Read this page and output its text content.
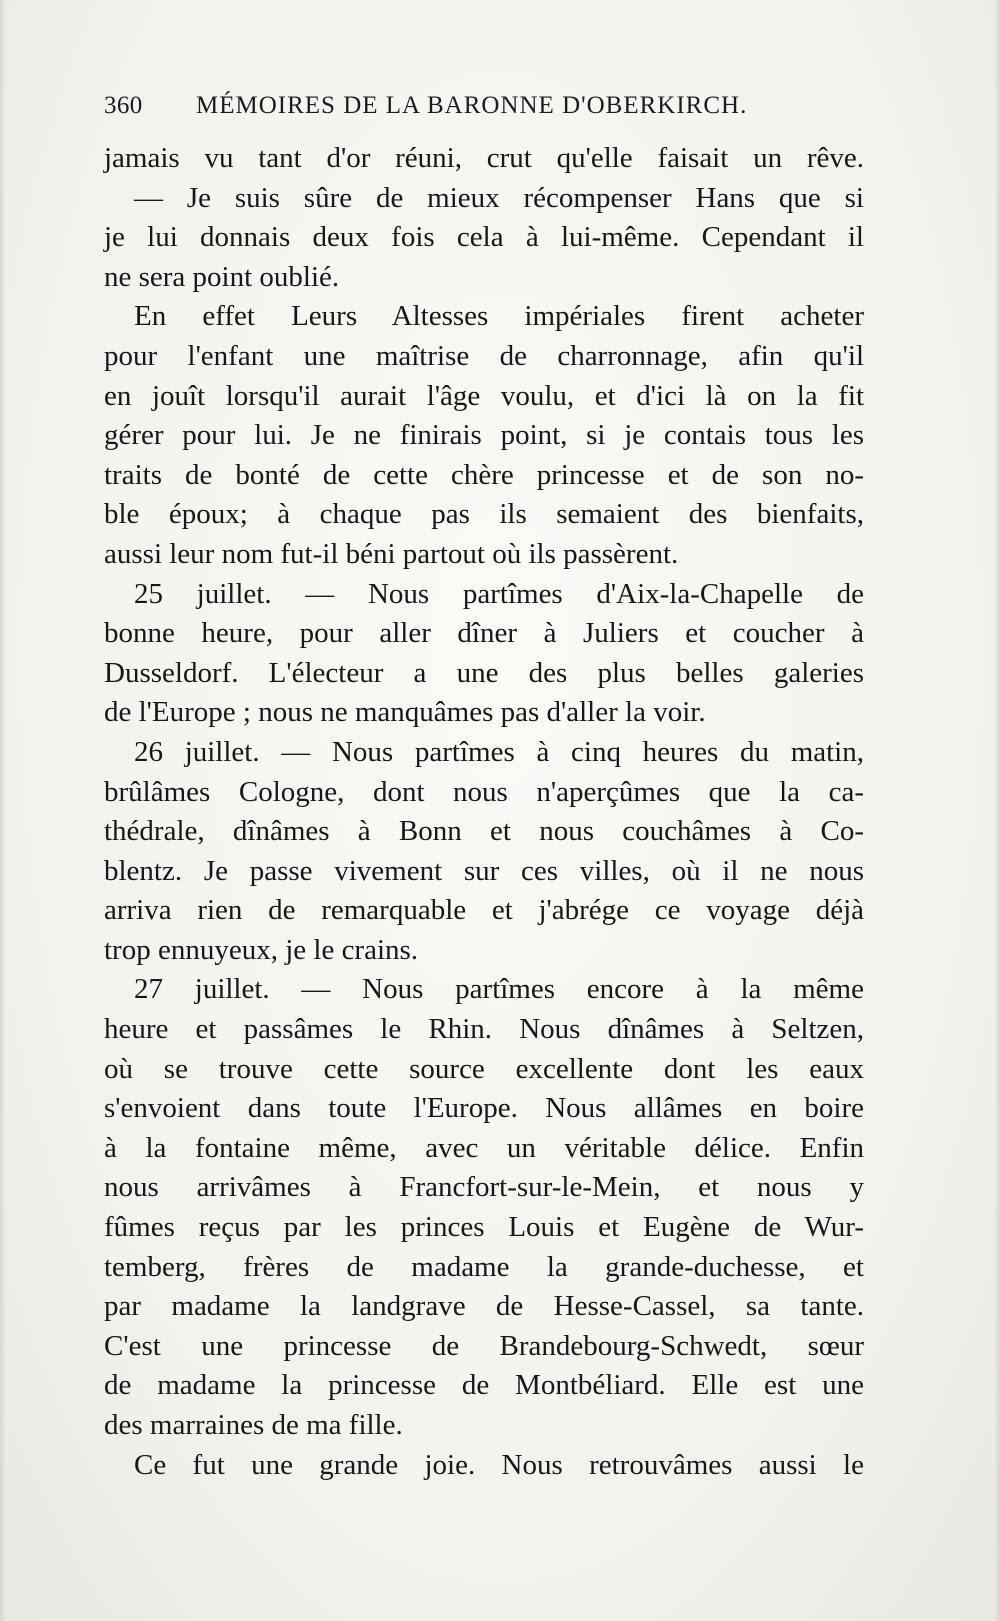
360 MÉMOIRES DE LA BARONNE D'OBERKIRCH.
jamais vu tant d'or réuni, crut qu'elle faisait un rêve.
— Je suis sûre de mieux récompenser Hans que si
je lui donnais deux fois cela à lui-même. Cependant il
ne sera point oublié.
En effet Leurs Altesses impériales firent acheter
pour l'enfant une maîtrise de charronnage, afin qu'il
en jouît lorsqu'il aurait l'âge voulu, et d'ici là on la fit
gérer pour lui. Je ne finirais point, si je contais tous les
traits de bonté de cette chère princesse et de son no-
ble époux; à chaque pas ils semaient des bienfaits,
aussi leur nom fut-il béni partout où ils passèrent.
25 juillet. — Nous partîmes d'Aix-la-Chapelle de
bonne heure, pour aller dîner à Juliers et coucher à
Dusseldorf. L'électeur a une des plus belles galeries
de l'Europe ; nous ne manquâmes pas d'aller la voir.
26 juillet. — Nous partîmes à cinq heures du matin,
brûlâmes Cologne, dont nous n'aperçûmes que la ca-
thédrale, dînâmes à Bonn et nous couchâmes à Co-
blentz. Je passe vivement sur ces villes, où il ne nous
arriva rien de remarquable et j'abrége ce voyage déjà
trop ennuyeux, je le crains.
27 juillet. — Nous partîmes encore à la même
heure et passâmes le Rhin. Nous dînâmes à Seltzen,
où se trouve cette source excellente dont les eaux
s'envoient dans toute l'Europe. Nous allâmes en boire
à la fontaine même, avec un véritable délice. Enfin
nous arrivâmes à Francfort-sur-le-Mein, et nous y
fûmes reçus par les princes Louis et Eugène de Wur-
temberg, frères de madame la grande-duchesse, et
par madame la landgrave de Hesse-Cassel, sa tante.
C'est une princesse de Brandebourg-Schwedt, sœur
de madame la princesse de Montbéliard. Elle est une
des marraines de ma fille.
Ce fut une grande joie. Nous retrouvâmes aussi le
